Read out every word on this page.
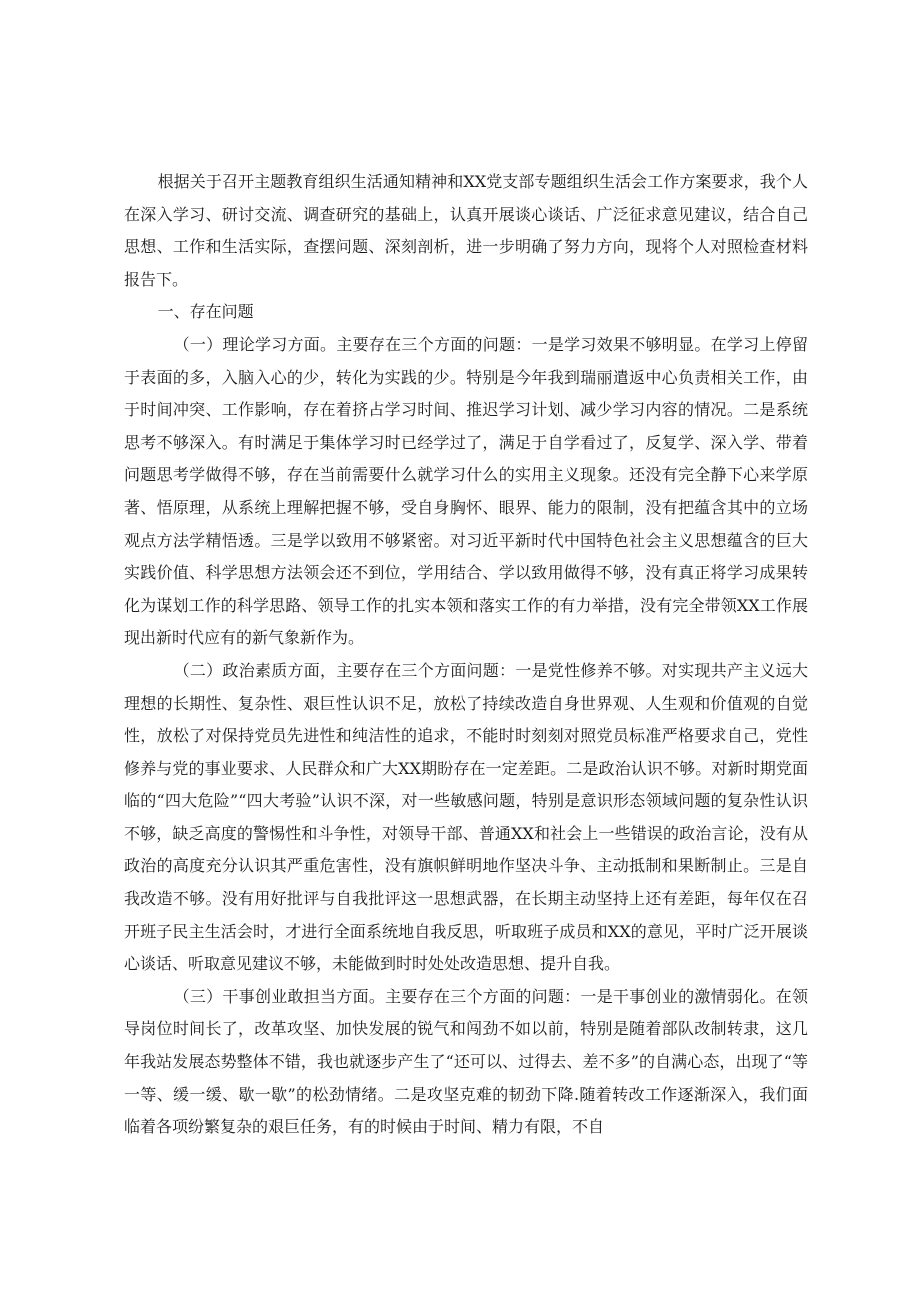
根据关于召开主题教育组织生活通知精神和XX党支部专题组织生活会工作方案要求，我个人在深入学习、研讨交流、调查研究的基础上，认真开展谈心谈话、广泛征求意见建议，结合自己思想、工作和生活实际，查摆问题、深刻剖析，进一步明确了努力方向，现将个人对照检查材料报告下。

一、存在问题

（一）理论学习方面。主要存在三个方面的问题：一是学习效果不够明显。在学习上停留于表面的多，入脑入心的少，转化为实践的少。特别是今年我到瑞丽遣返中心负责相关工作，由于时间冲突、工作影响，存在着挤占学习时间、推迟学习计划、减少学习内容的情况。二是系统思考不够深入。有时满足于集体学习时已经学过了，满足于自学看过了，反复学、深入学、带着问题思考学做得不够，存在当前需要什么就学习什么的实用主义现象。还没有完全静下心来学原著、悟原理，从系统上理解把握不够，受自身胸怀、眼界、能力的限制，没有把蕴含其中的立场观点方法学精悟透。三是学以致用不够紧密。对习近平新时代中国特色社会主义思想蕴含的巨大实践价值、科学思想方法领会还不到位，学用结合、学以致用做得不够，没有真正将学习成果转化为谋划工作的科学思路、领导工作的扎实本领和落实工作的有力举措，没有完全带领XX工作展现出新时代应有的新气象新作为。

（二）政治素质方面，主要存在三个方面问题：一是党性修养不够。对实现共产主义远大理想的长期性、复杂性、艰巨性认识不足，放松了持续改造自身世界观、人生观和价值观的自觉性，放松了对保持党员先进性和纯洁性的追求，不能时时刻刻对照党员标准严格要求自己，党性修养与党的事业要求、人民群众和广大XX期盼存在一定差距。二是政治认识不够。对新时期党面临的“四大危险”“四大考验”认识不深，对一些敏感问题，特别是意识形态领域问题的复杂性认识不够，缺乏高度的警惕性和斗争性，对领导干部、普通XX和社会上一些错误的政治言论，没有从政治的高度充分认识其严重危害性，没有旗帜鲜明地作坚决斗争、主动抵制和果断制止。三是自我改造不够。没有用好批评与自我批评这一思想武器，在长期主动坚持上还有差距，每年仅在召开班子民主生活会时，才进行全面系统地自我反思，听取班子成员和XX的意见，平时广泛开展谈心谈话、听取意见建议不够，未能做到时时处处改造思想、提升自我。

（三）干事创业敢担当方面。主要存在三个方面的问题：一是干事创业的激情弱化。在领导岗位时间长了，改革攻坚、加快发展的锐气和闯劲不如以前，特别是随着部队改制转隶，这几年我站发展态势整体不错，我也就逐步产生了“还可以、过得去、差不多”的自满心态，出现了“等一等、缓一缓、歇一歇”的松劲情绪。二是攻坚克难的韧劲下降.随着转改工作逐渐深入，我们面临着各项纷繁复杂的艰巨任务，有的时候由于时间、精力有限，不自
